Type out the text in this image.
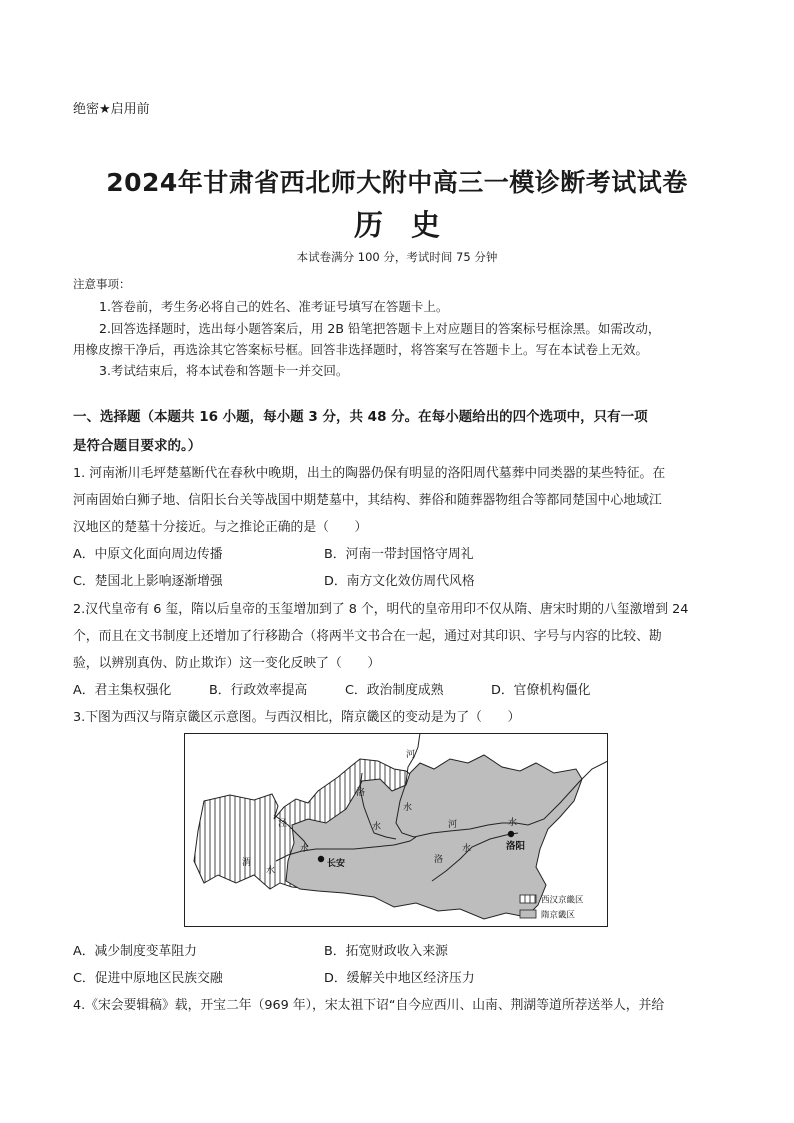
绝密★启用前
2024年甘肃省西北师大附中高三一模诊断考试试卷
历史
本试卷满分 100 分，考试时间 75 分钟
注意事项：
1.答卷前，考生务必将自己的姓名、准考证号填写在答题卡上。
2.回答选择题时，选出每小题答案后，用 2B 铅笔把答题卡上对应题目的答案标号框涂黑。如需改动，
用橡皮擦干净后，再选涂其它答案标号框。回答非选择题时，将答案写在答题卡上。写在本试卷上无效。
3.考试结束后，将本试卷和答题卡一并交回。
一、选择题（本题共 16 小题，每小题 3 分，共 48 分。在每小题给出的四个选项中，只有一项
是符合题目要求的。）
1. 河南淅川毛坪楚墓断代在春秋中晚期，出土的陶器仍保有明显的洛阳周代墓葬中同类器的某些特征。在
河南固始白狮子地、信阳长台关等战国中期楚墓中，其结构、葬俗和随葬器物组合等都同楚国中心地域江
汉地区的楚墓十分接近。与之推论正确的是（　　）
A．中原文化面向周边传播	B．河南一带封国恪守周礼
C．楚国北上影响逐渐增强	D．南方文化效仿周代风格
2.汉代皇帝有 6 玺，隋以后皇帝的玉玺增加到了 8 个，明代的皇帝用印不仅从隋、唐宋时期的八玺激增到 24
个，而且在文书制度上还增加了行移勘合（将两半文书合在一起，通过对其印识、字号与内容的比较、勘
验，以辨别真伪、防止欺诈）这一变化反映了（　　）
A．君主集权强化	B．行政效率提高	C．政治制度成熟	D．官僚机构僵化
3.下图为西汉与隋京畿区示意图。与西汉相比，隋京畿区的变动是为了（　　）
河
水
洛
水
泾
水
渭
水
河	水
洛
水
长安
洛阳
西汉京畿区
隋京畿区
A．减少制度变革阻力	B．拓宽财政收入来源
C．促进中原地区民族交融	D．缓解关中地区经济压力
4.《宋会要辑稿》载，开宝二年（969 年），宋太祖下诏“自今应西川、山南、荆湖等道所荐送举人，并给
